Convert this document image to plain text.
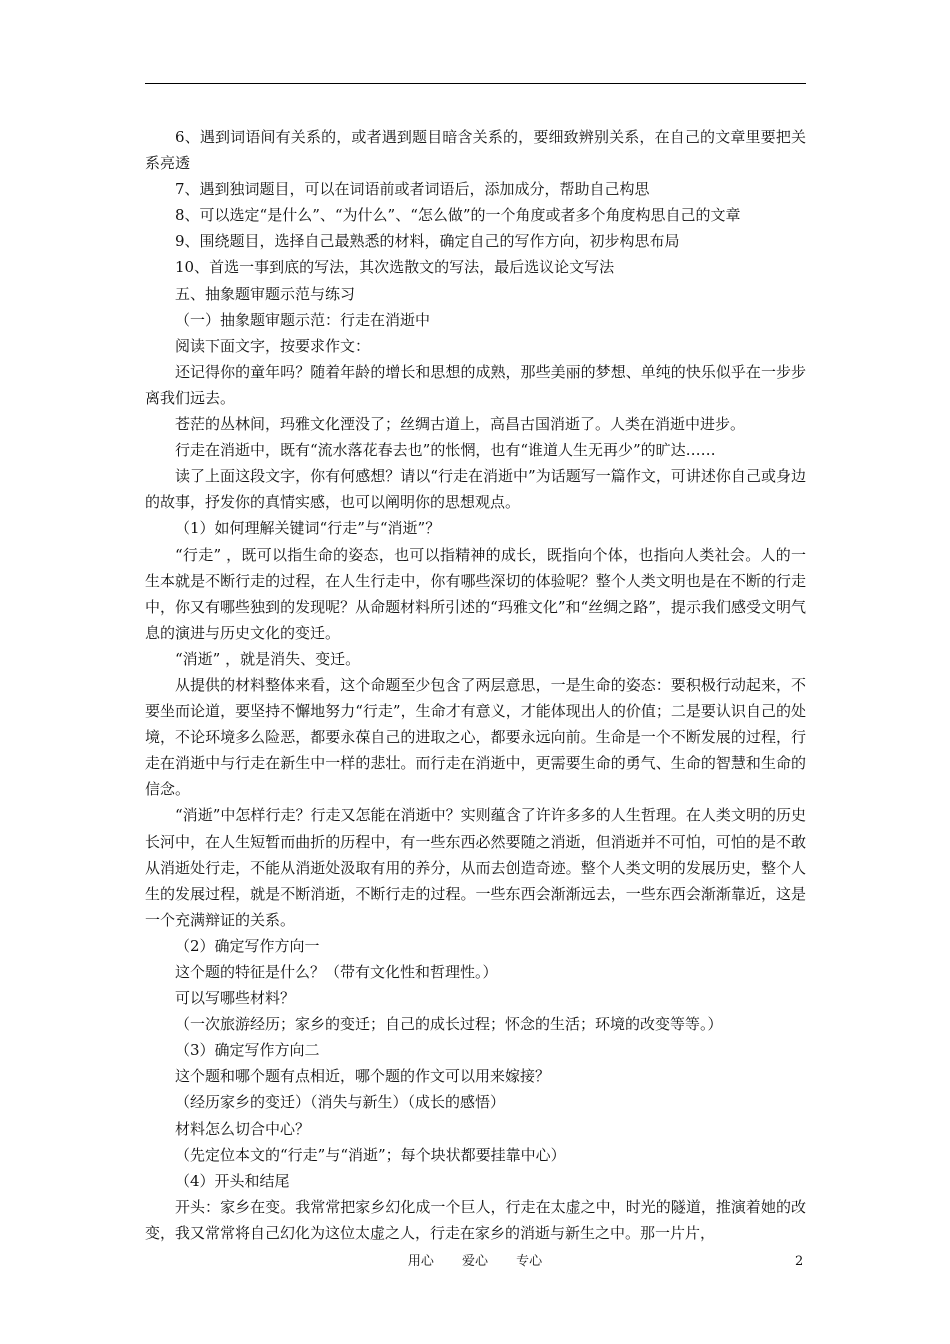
6、遇到词语间有关系的，或者遇到题目暗含关系的，要细致辨别关系，在自己的文章里要把关系亮透

7、遇到独词题目，可以在词语前或者词语后，添加成分，帮助自己构思

8、可以选定“是什么”、“为什么”、“怎么做”的一个角度或者多个角度构思自己的文章

9、围绕题目，选择自己最熟悉的材料，确定自己的写作方向，初步构思布局

10、首选一事到底的写法，其次选散文的写法，最后选议论文写法

五、抽象题审题示范与练习

（一）抽象题审题示范：行走在消逝中

阅读下面文字，按要求作文：

还记得你的童年吗？随着年龄的增长和思想的成熟，那些美丽的梦想、单纯的快乐似乎在一步步离我们远去。

苍茫的丛林间，玛雅文化湮没了；丝绸古道上，高昌古国消逝了。人类在消逝中进步。

行走在消逝中，既有“流水落花春去也”的怅惘，也有“谁道人生无再少”的旷达……

读了上面这段文字，你有何感想？请以“行走在消逝中”为话题写一篇作文，可讲述你自己或身边的故事，抒发你的真情实感，也可以阐明你的思想观点。

（1）如何理解关键词“行走”与“消逝”？

“行走” ，既可以指生命的姿态，也可以指精神的成长，既指向个体，也指向人类社会。人的一生本就是不断行走的过程，在人生行走中，你有哪些深切的体验呢？整个人类文明也是在不断的行走中，你又有哪些独到的发现呢？从命题材料所引述的“玛雅文化”和“丝绸之路”，提示我们感受文明气息的演进与历史文化的变迁。

“消逝” ，就是消失、变迁。

从提供的材料整体来看，这个命题至少包含了两层意思，一是生命的姿态：要积极行动起来，不要坐而论道，要坚持不懈地努力“行走”，生命才有意义，才能体现出人的价值；二是要认识自己的处境，不论环境多么险恶，都要永葆自己的进取之心，都要永远向前。生命是一个不断发展的过程，行走在消逝中与行走在新生中一样的悲壮。而行走在消逝中，更需要生命的勇气、生命的智慧和生命的信念。

“消逝”中怎样行走？行走又怎能在消逝中？实则蕴含了许许多多的人生哲理。在人类文明的历史长河中，在人生短暂而曲折的历程中，有一些东西必然要随之消逝，但消逝并不可怕，可怕的是不敢从消逝处行走，不能从消逝处汲取有用的养分，从而去创造奇迹。整个人类文明的发展历史，整个人生的发展过程，就是不断消逝，不断行走的过程。一些东西会渐渐远去，一些东西会渐渐靠近，这是一个充满辩证的关系。

（2）确定写作方向一

这个题的特征是什么？（带有文化性和哲理性。）

可以写哪些材料？

（一次旅游经历；家乡的变迁；自己的成长过程；怀念的生活；环境的改变等等。）

（3）确定写作方向二

这个题和哪个题有点相近，哪个题的作文可以用来嫁接？

（经历家乡的变迁）（消失与新生）（成长的感悟）

材料怎么切合中心？

（先定位本文的“行走”与“消逝”；每个块状都要挂靠中心）

（4）开头和结尾

开头：家乡在变。我常常把家乡幻化成一个巨人，行走在太虚之中，时光的隧道，推演着她的改变，我又常常将自己幻化为这位太虚之人，行走在家乡的消逝与新生之中。那一片片，

用心 爱心 专心	2
